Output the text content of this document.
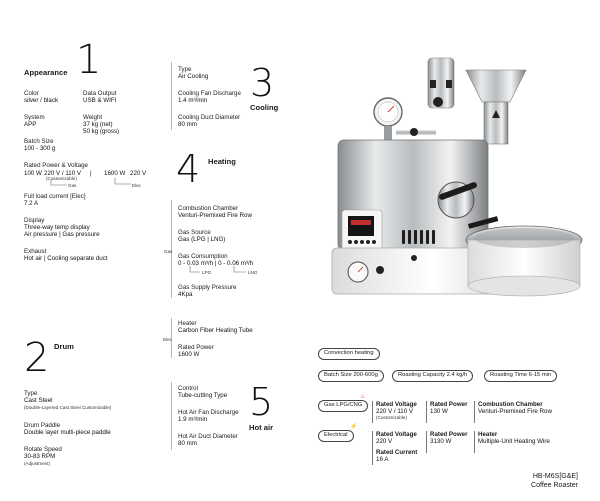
1
Appearance
Color
silver / black
Data Output
USB & WIFI
System
APP
Weight
37 kg (net)
50 kg (gross)
Batch Size
100 - 300 g
Rated Power & Voltage
100 W 220 V / 110 V
(Customizable)
Gas
| 1600 W 220 V
Elec
Full load current [Elec]
7.2 A
Display
Three-way temp display
Air pressure | Gas pressure
Exhaust
Hot air | Cooling separate duct
2 Drum
Type
Cast Steel
(Double-Layered Cast Steel Customizable)
Drum Paddle
Double layer multi-piece paddle
Rotate Speed
30-83 RPM
(Adjustment)
Type
Air Cooling
Cooling Fan Discharge
1.4 m³/min
Cooling Duct Diameter
80 mm
3
Cooling
4 Heating
Gas
Combustion Chamber
Venturi-Premixed Fire Row
Gas Source
Gas (LPG | LNG)
Gas Consumption
0 - 0.03 m³/h | 0 - 0.06 m³/h
LPG	LNG
Gas Supply Pressure
4Kpa
Elec
Heater
Carbon Fiber Heating Tube
Rated Power
1600 W
Control
Tube-cutting Type
Hot Air Fan Discharge
1.9 m³/min
Hot Air Duct Diameter
80 mm
5
Hot air
Convection heating
Batch Size 200-600g	Roasting Capacity 2.4 kg/h	Roasting Time 6-15 min
Gas LPG/CNG
♨
Rated Voltage
220 V / 110 V
(Customizable)
Rated Power
130 W
Combustion Chamber
Venturi-Premixed Fire Row
Electrical
⚡
Rated Voltage
220 V
Rated Current
16 A
Rated Power
3130 W
Heater
Multiple-Unit Heating Wire
HB-M6S[G&E]
Coffee Roaster
